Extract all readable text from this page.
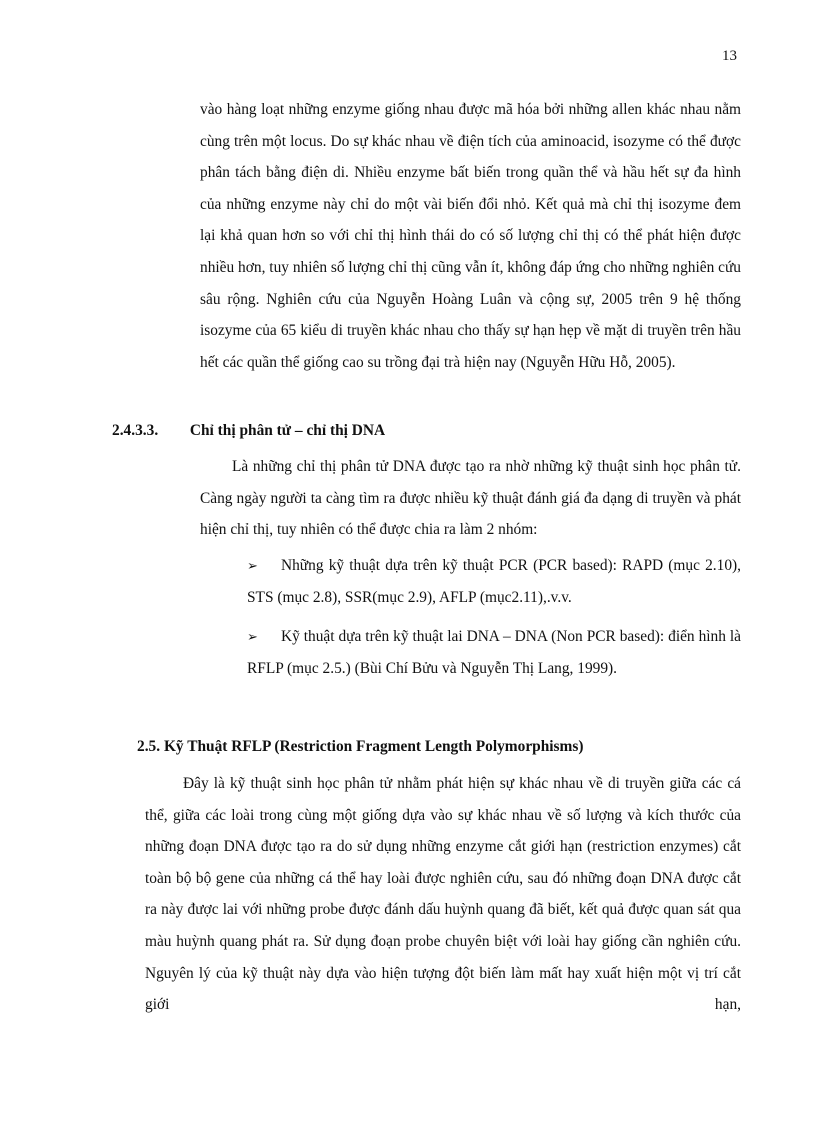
13

vào hàng loạt những enzyme giống nhau được mã hóa bởi những allen khác nhau nằm cùng trên một locus. Do sự khác nhau về điện tích của aminoacid, isozyme có thể được phân tách bằng điện di. Nhiều enzyme bất biến trong quần thể và hầu hết sự đa hình của những enzyme này chỉ do một vài biến đổi nhỏ. Kết quả mà chỉ thị isozyme đem lại khả quan hơn so với chỉ thị hình thái do có số lượng chỉ thị có thể phát hiện được nhiều hơn, tuy nhiên số lượng chỉ thị cũng vẫn ít, không đáp ứng cho những nghiên cứu sâu rộng. Nghiên cứu của Nguyễn Hoàng Luân và cộng sự, 2005 trên 9 hệ thống isozyme của 65 kiểu di truyền khác nhau cho thấy sự hạn hẹp về mặt di truyền trên hầu hết các quần thể giống cao su trồng đại trà hiện nay (Nguyễn Hữu Hỗ, 2005).

2.4.3.3. Chỉ thị phân tử – chỉ thị DNA

Là những chỉ thị phân tử DNA được tạo ra nhờ những kỹ thuật sinh học phân tử. Càng ngày người ta càng tìm ra được nhiều kỹ thuật đánh giá đa dạng di truyền và phát hiện chỉ thị, tuy nhiên có thể được chia ra làm 2 nhóm:

➢	Những kỹ thuật dựa trên kỹ thuật PCR (PCR based): RAPD (mục 2.10), STS (mục 2.8), SSR(mục 2.9), AFLP (mục2.11),.v.v.

➢	Kỹ thuật dựa trên kỹ thuật lai DNA – DNA (Non PCR based): điển hình là RFLP (mục 2.5.) (Bùi Chí Bửu và Nguyễn Thị Lang, 1999).

2.5. Kỹ Thuật RFLP (Restriction Fragment Length Polymorphisms)

Đây là kỹ thuật sinh học phân tử nhằm phát hiện sự khác nhau về di truyền giữa các cá thể, giữa các loài trong cùng một giống dựa vào sự khác nhau về số lượng và kích thước của những đoạn DNA được tạo ra do sử dụng những enzyme cắt giới hạn (restriction enzymes) cắt toàn bộ bộ gene của những cá thể hay loài được nghiên cứu, sau đó những đoạn DNA được cắt ra này được lai với những probe được đánh dấu huỳnh quang đã biết, kết quả được quan sát qua màu huỳnh quang phát ra. Sử dụng đoạn probe chuyên biệt với loài hay giống cần nghiên cứu. Nguyên lý của kỹ thuật này dựa vào hiện tượng đột biến làm mất hay xuất hiện một vị trí cắt giới hạn,
